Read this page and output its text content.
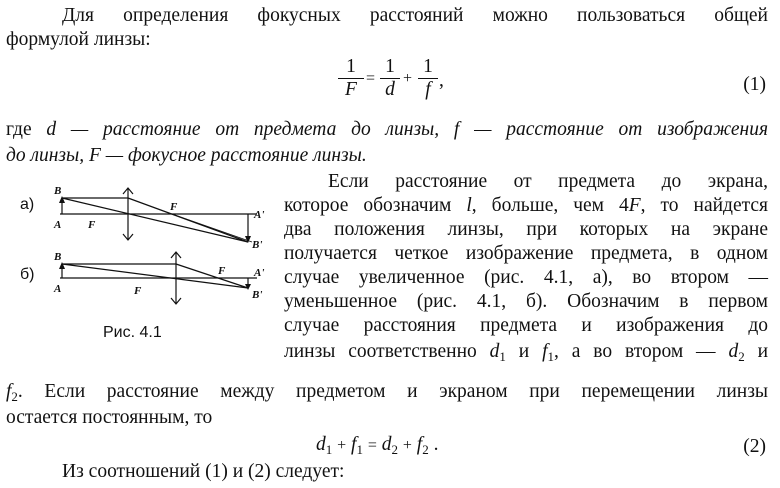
Для определения фокусных расстояний можно пользоваться общей
формулой линзы:
1
F
=
1
d
+
1
f ,	(1)
где d — расстояние от предмета до линзы, f — расстояние от изображения
до линзы, F — фокусное расстояние линзы.
а)
б)
Рис. 4.1
B
A F
F
A'
B'
B
A	F
F	A'
B'
Если расстояние от предмета до экрана,
которое обозначим l, больше, чем 4F, то найдется
два положения линзы, при которых на экране
получается четкое изображение предмета, в одном
случае увеличенное (рис. 4.1, а), во втором —
уменьшенное (рис. 4.1, б). Обозначим в первом
случае расстояния предмета и изображения до
линзы соответственно $d_1$ и $f_1$, а во втором — $d_2$ и
$f_2$. Если расстояние между предметом и экраном при перемещении линзы
остается постоянным, то
$d_1 + f_1 = d_2 + f_2$ .	(2)
Из соотношений (1) и (2) следует:
